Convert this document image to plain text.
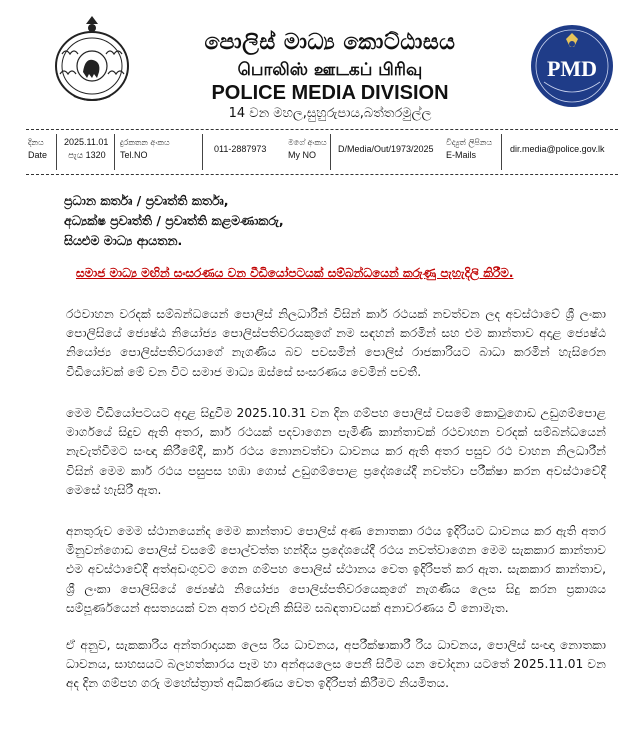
පොලිස් මාධ්‍ය කොට්ඨාසය
பொலிஸ் ஊடகப் பிரிவு
POLICE MEDIA DIVISION
14 වන මහල,සුහුරුපාය,බත්තරමුල්ල
PMD
දිනය
Date
2025.11.01
පැය 1320
දුරකතන අංකය
Tel.NO
011-2887973
මගේ අංකය
My NO
D/Media/Out/1973/2025
විද්‍යුත් ලිපිනය
E-Mails
dir.media@police.gov.lk
ප්‍රධාන කර්තෘ / ප්‍රවෘත්ති කර්තෘ,
අධ්‍යක්ෂ ප්‍රවෘත්ති / ප්‍රවෘත්ති කළමණාකරු,
සියළුම මාධ්‍ය ආයතන.
සමාජ මාධ්‍ය මඟින් සංසරණය වන වීඩියෝපටයක් සම්බන්ධයෙන් කරුණු පැහැදිලි කිරීම.
රථවාහන වරදක් සම්බන්ධයෙන් පොලිස් නිලධාරීන් විසින් කාර් රථයක් නවත්වන ලද අවස්ථාවේ ශ්‍රී ලංකා පොලිසියේ ජ්‍යෙෂ්ඨ නියෝජ්‍ය පොලිස්පතිවරයකුගේ නම සඳහන් කරමින් සහ එම කාන්තාව අදාළ ජ්‍යෙෂ්ඨ නියෝජ්‍ය පොලිස්පතිවරයාගේ නැගණිය බව පවසමින් පොලිස් රාජකාරියට බාධා කරමින් හැසිරෙන වීඩියෝවක් මේ වන විට සමාජ මාධ්‍ය ඔස්සේ සංසරණය වෙමින් පවතී.
මෙම වීඩියෝපටයට අදාළ සිදුවීම 2025.10.31 වන දින ගම්පහ පොලිස් වසමේ කොටුගොඩ උඩුගම්පොළ මාර්ගයේ සිදුව ඇති අතර, කාර් රථයක් පදවාගෙන පැමිණි කාන්තාවක් රථවාහන වරදක් සම්බන්ධයෙන් නැවැත්වීමට සංඥා කිරීමේදී, කාර් රථය නොනවත්වා ධාවනය කර ඇති අතර පසුව රථ වාහන නිලධාරීන් විසින් මෙම කාර් රථය පසුපස හඹා ගොස් උඩුගම්පොළ ප්‍රදේශයේදී නවත්වා පරීක්ෂා කරන අවස්ථාවේදී මෙසේ හැසිරී ඇත.
අනතුරුව මෙම ස්ථානයෙන්ද මෙම කාන්තාව පොලිස් අණ නොතකා රථය ඉදිරියට ධාවනය කර ඇති අතර මිනුවන්ගොඩ පොලිස් වසමේ පොල්වත්ත හන්දිය ප්‍රදේශයේදී රථය නවත්වාගෙන මෙම සැකකාර කාන්තාව එම අවස්ථාවේදී අත්අඩංගුවට ගෙන ගම්පහ පොලිස් ස්ථානය වෙත ඉදිරිපත් කර ඇත. සැකකාර කාන්තාව, ශ්‍රී ලංකා පොලිසියේ ජ්‍යෙෂ්ඨ නියෝජ්‍ය පොලිස්පතිවරයෙකුගේ නැගණිය ලෙස සිදු කරන ප්‍රකාශය සම්පූර්ණයෙන් අසත්‍යයක් වන අතර එවැනි කිසිම සබඳතාවයක් අනාවරණය වී නොමැත.
ඒ අනුව, සැකකාරිය අන්තරාදායක ලෙස රිය ධාවනය, අපරීක්ෂාකාරී රිය ධාවනය, පොලිස් සංඥා නොතකා ධාවනය, සාහසයට බලහත්කාරය පෑම හා අන්අයලෙස පෙනී සිටීම යන චෝදනා යටතේ 2025.11.01 වන අද දින ගම්පහ ගරු මහේස්ත්‍රාත් අධිකරණය වෙත ඉදිරිපත් කිරීමට නියමිතය.
